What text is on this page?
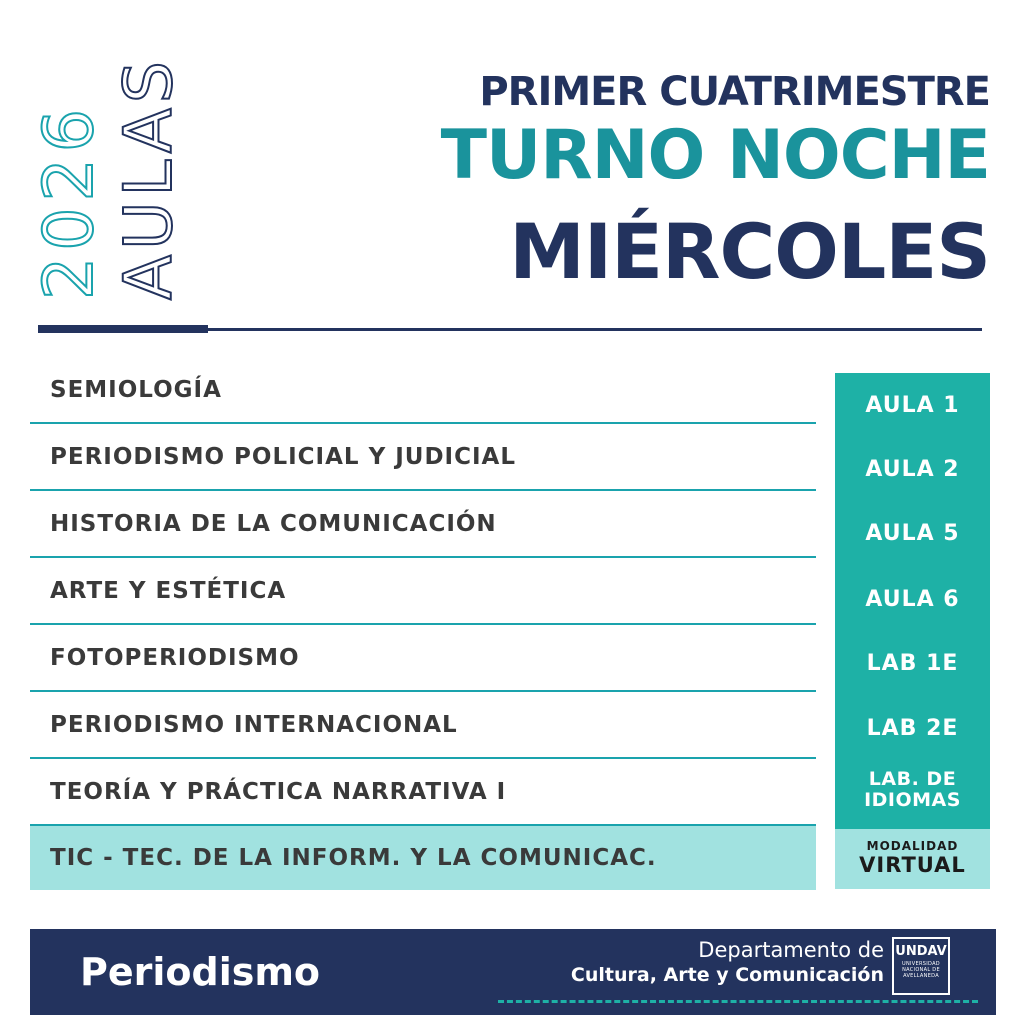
2026 AULAS	PRIMER CUATRIMESTRE
TURNO NOCHE
MIÉRCOLES
SEMIOLOGÍA
PERIODISMO POLICIAL Y JUDICIAL
HISTORIA DE LA COMUNICACIÓN
ARTE Y ESTÉTICA
FOTOPERIODISMO
PERIODISMO INTERNACIONAL
TEORÍA Y PRÁCTICA NARRATIVA I
TIC - TEC. DE LA INFORM. Y LA COMUNICAC.
AULA 1
AULA 2
AULA 5
AULA 6
LAB 1E
LAB 2E
LAB. DE
IDIOMAS
MODALIDAD
VIRTUAL
Periodismo	Departamento de
Cultura, Arte y Comunicación
UNDAV
UNIVERSIDAD
NACIONAL DE
AVELLANEDA
